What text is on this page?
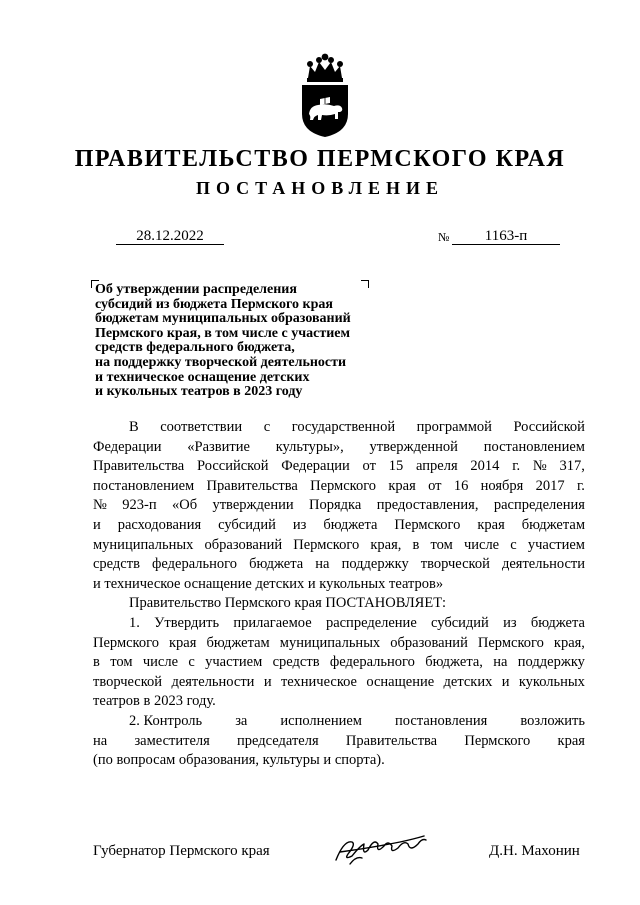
ПРАВИТЕЛЬСТВО ПЕРМСКОГО КРАЯ
ПОСТАНОВЛЕНИЕ
28.12.2022	№	1163-п
Об утверждении распределения
субсидий из бюджета Пермского края
бюджетам муниципальных образований
Пермского края, в том числе с участием
средств федерального бюджета,
на поддержку творческой деятельности
и техническое оснащение детских
и кукольных театров в 2023 году
В соответствии с государственной программой Российской
Федерации «Развитие культуры», утвержденной постановлением
Правительства Российской Федерации от 15 апреля 2014 г. № 317,
постановлением Правительства Пермского края от 16 ноября 2017 г.
№ 923-п «Об утверждении Порядка предоставления, распределения
и расходования субсидий из бюджета Пермского края бюджетам
муниципальных образований Пермского края, в том числе с участием
средств федерального бюджета на поддержку творческой деятельности
и техническое оснащение детских и кукольных театров»
Правительство Пермского края ПОСТАНОВЛЯЕТ:
1. Утвердить прилагаемое распределение субсидий из бюджета
Пермского края бюджетам муниципальных образований Пермского края,
в том числе с участием средств федерального бюджета, на поддержку
творческой деятельности и техническое оснащение детских и кукольных
театров в 2023 году.
2. Контроль за исполнением постановления возложить
на заместителя председателя Правительства Пермского края
(по вопросам образования, культуры и спорта).
Губернатор Пермского края	Д.Н. Махонин
